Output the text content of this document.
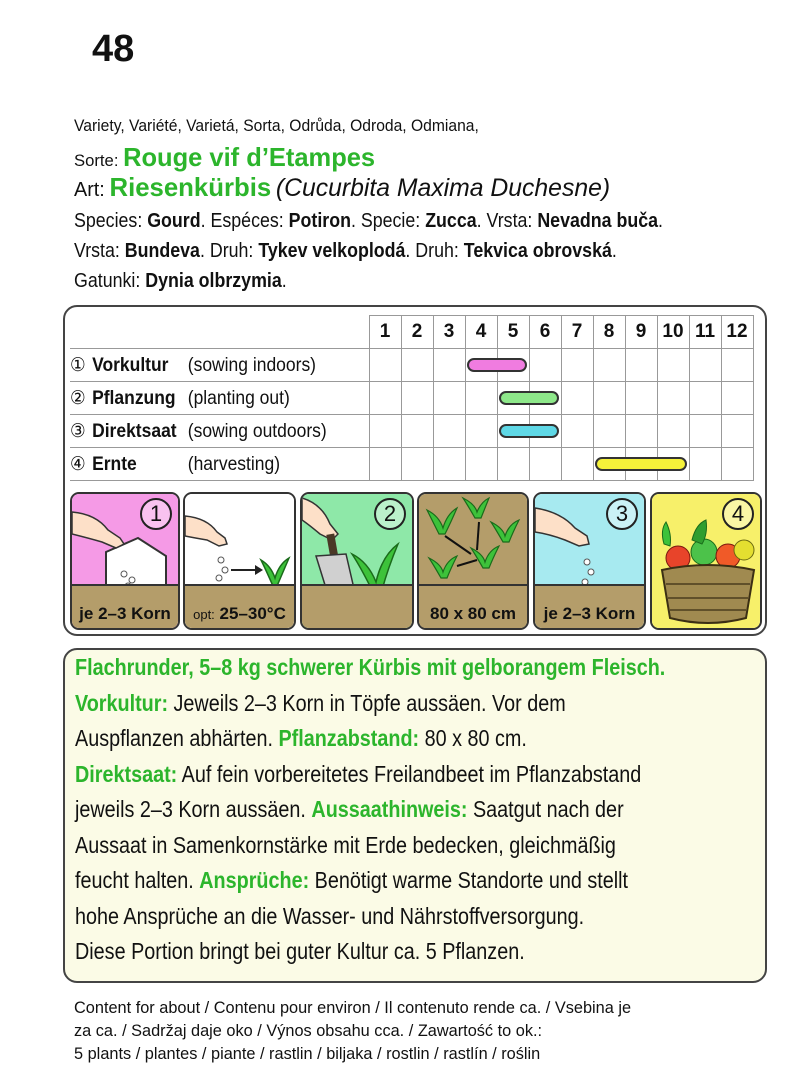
48
Variety, Variété, Varietá, Sorta, Odrůda, Odroda, Odmiana,
Sorte: Rouge vif d’Etampes
Art: Riesenkürbis (Cucurbita Maxima Duchesne)
Species: Gourd. Espéces: Potiron. Specie: Zucca. Vrsta: Nevadna buča.
Vrsta: Bundeva. Druh: Tykev velkoplodá. Druh: Tekvica obrovská.
Gatunki: Dynia olbrzymia.
	1	2	3	4	5	6	7	8	9	10	11	12
① Vorkultur (sowing indoors)												
② Pflanzung (planting out)												
③ Direktsaat (sowing outdoors)												
④ Ernte (harvesting)												
1
je 2–3 Korn	opt: 25–30°C
2
80 x 80 cm
3
je 2–3 Korn
4
Flachrunder, 5–8 kg schwerer Kürbis mit gelborangem Fleisch.
Vorkultur: Jeweils 2–3 Korn in Töpfe aussäen. Vor dem
Auspflanzen abhärten. Pflanzabstand: 80 x 80 cm.
Direktsaat: Auf fein vorbereitetes Freilandbeet im Pflanzabstand
jeweils 2–3 Korn aussäen. Aussaathinweis: Saatgut nach der
Aussaat in Samenkornstärke mit Erde bedecken, gleichmäßig
feucht halten. Ansprüche: Benötigt warme Standorte und stellt
hohe Ansprüche an die Wasser- und Nährstoffversorgung.
Diese Portion bringt bei guter Kultur ca. 5 Pflanzen.
Content for about / Contenu pour environ / Il contenuto rende ca. / Vsebina je
za ca. / Sadržaj daje oko / Výnos obsahu cca. / Zawartość to ok.:
5 plants / plantes / piante / rastlin / biljaka / rostlin / rastlín / roślin
